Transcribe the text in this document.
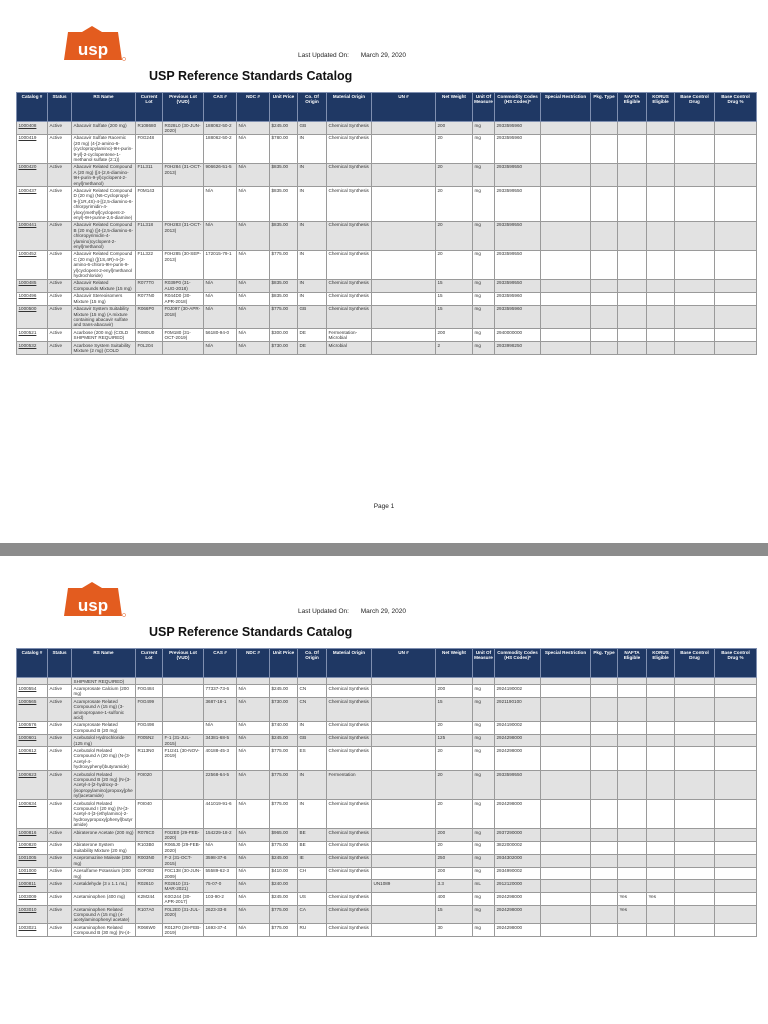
Last Updated On: March 29, 2020
USP Reference Standards Catalog
Catalog #	Status	RS Name	Current Lot	Previous Lot (VUD)	CAS #	NDC #	Unit Price	Co. Of Origin	Material Origin	UN #	Net Weight	Unit Of Measure	Commodity Codes (HS Codes)*	Special Restriction	Pkg. Type	NAFTA Eligible	KORUS Eligible	Base Control Drug	Base Control Drug %
1000408	Active	Abacavir Sulfate (200 mg)	R108680	R028L0 (30-JUN-2020)	188062-50-2	N/A	$245.00	GB	Chemical Synthesis		200	mg	2933595960						
1000419	Active	Abacavir Sulfate Racemic (20 mg) (4-[2-amino-6-(cyclopropylamino)-9H-purin-9-yl]-2-cyclopentene-1-methanol sulfate (2:1))	F0G248		188062-50-2	N/A	$780.00	IN	Chemical Synthesis		20	mg	2933595960						
1000420	Active	Abacavir Related Compound A (20 mg) ([4-(2,6-diamino-9H-purin-9-yl)cyclopent-2-enyl]methanol)	F1L311	F0H284 (31-OCT-2013)	906626-51-5	N/A	$835.00	IN	Chemical Synthesis		20	mg	2933599550						
1000437	Active	Abacavir Related Compound D (20 mg) (N6-Cyclopropyl-9-{(1R,4S)-4-[(2,5-diamino-6-chlorpyrimidin-4-yloxy)methyl]cyclopent-2-enyl}-9H-purine-2,6-diamine)	F0M143		N/A	N/A	$835.00	IN	Chemical Synthesis		20	mg	2933599550						
1000441	Active	Abacavir Related Compound B (20 mg) ([4-(2,5-diamino-6-chloropyrimidin-4-ylamino)cyclopent-2-enyl]methanol)	F1L318	F0H283 (31-OCT-2013)	N/A	N/A	$835.00	IN	Chemical Synthesis		20	mg	2933599550						
1000452	Active	Abacavir Related Compound C (20 mg) ([(1S,4R)-4-(2-amino-6-chloro-9H-purin-9-yl)cyclopent-2-enyl]methanol hydrochloride)	F1L322	F0H285 (30-SEP-2013)	172015-79-1	N/A	$775.00	IN	Chemical Synthesis		20	mg	2933599550						
1000485	Active	Abacavir Related Compounds Mixture (15 mg)	R077T0	R039P0 (31-AUG-2018)	N/A	N/A	$835.00	IN	Chemical Synthesis		15	mg	2933599550						
1000496	Active	Abacavir Stereoisomers Mixture (15 mg)	R077N0	R044D0 (30-APR-2018)	N/A	N/A	$835.00	IN	Chemical Synthesis		15	mg	2933595960						
1000500	Active	Abacavir System Suitability Mixture (15 mg) (A mixture containing abacavir sulfate and trans-abacavir)	R066P0	F0J097 (30-APR-2018)	N/A	N/A	$775.00	GB	Chemical Synthesis		15	mg	2933595960						
1000521	Active	Acarbose (200 mg) (COLD SHIPMENT REQUIRED)	R080U0	F0M180 (31-OCT-2019)	56180-94-0	N/A	$300.00	DE	Fermentation-Microbial		200	mg	2940000000						
1000532	Active	Acarbose System Suitability Mixture (2 mg) (COLD	F0L204		N/A	N/A	$730.00	DE	Microbial		2	mg	2933998250						
Page 1
Last Updated On: March 29, 2020
USP Reference Standards Catalog
Catalog #	Status	RS Name	Current Lot	Previous Lot (VUD)	CAS #	NDC #	Unit Price	Co. Of Origin	Material Origin	UN #	Net Weight	Unit Of Measure	Commodity Codes (HS Codes)*	Special Restriction	Pkg. Type	NAFTA Eligible	KORUS Eligible	Base Control Drug	Base Control Drug %
		SHIPMENT REQUIRED)																	
1000554	Active	Acamprosate Calcium (200 mg)	F0G484		77337-73-6	N/A	$245.00	CN	Chemical Synthesis		200	mg	2924190002						
1000565	Active	Acamprosate Related Compound A (15 mg) (3-aminopropane-1-sulfonic acid)	F0G499		3687-18-1	N/A	$730.00	CN	Chemical Synthesis		15	mg	2921190100						
1000576	Active	Acamprosate Related Compound B (20 mg)	F0G498		N/A	N/A	$740.00	IN	Chemical Synthesis		20	mg	2924190002						
1000601	Active	Acebutolol Hydrochloride (125 mg)	F005N2	F-1 (31-JUL-2015)	34381-68-5	N/A	$245.00	GB	Chemical Synthesis		125	mg	2924298000						
1000612	Active	Acebutolol Related Compound A (20 mg) (N-(3-Acetyl-4-hydroxyphenyl)butyramide)	R113N0	F1I241 (30-NOV-2019)	40188-45-3	N/A	$775.00	ES	Chemical Synthesis		20	mg	2924298000						
1000623	Active	Acebutolol Related Compound B (20 mg) (N-{3-Acetyl-4-[2-hydroxy-3-(isopropylamino)propoxy]phenyl}acetamide)	F0I020		22568-64-5	N/A	$775.00	IN	Fermentation		20	mg	2933599550						
1000634	Active	Acebutolol Related Compound I (20 mg) (N-{3-Acetyl-4-[3-(ethylamino)-2-hydroxypropoxy]phenyl}butyramide)	F0I040		441019-91-6	N/A	$775.00	IN	Chemical Synthesis		20	mg	2924298000						
1000816	Active	Abiraterone Acetate (200 mg)	R078C0	F0I2E0 (29-FEB-2020)	154229-18-2	N/A	$965.00	BE	Chemical Synthesis		200	mg	2937290000						
1000820	Active	Abiraterone System Suitability Mixture (20 mg)	R103B0	R065J0 (29-FEB-2020)	N/A	N/A	$775.00	BE	Chemical Synthesis		20	mg	3822000002						
1001005	Active	Acepromazine Maleate (250 mg)	R003N0	F-2 (31-OCT-2015)	3598-37-6	N/A	$245.00	IE	Chemical Synthesis		250	mg	2934302000						
1001000	Active	Acesulfame Potassium (200 mg)	G0F082	F0C138 (30-JUN-2009)	55589-62-3	N/A	$410.00	CH	Chemical Synthesis		200	mg	2934990002						
1000811	Active	Acetaldehyde (3 x 1.1 mL)	R02610	R02610 (31-MAR-2021)	75-07-0	N/A	$240.00			UN1089	3.3	mL	2912120000						
1003009	Active	Acetaminophen (400 mg)	K2M244	K0G244 (30-APR-2017)	103-90-2	N/A	$245.00	US	Chemical Synthesis		400	mg	2924298000			Yes	Yes		
1003010	Active	Acetaminophen Related Compound A (15 mg) (4-acetylaminophenyl acetate)	R107A0	F0L2E0 (31-JUL-2020)	2623-33-8	N/A	$775.00	CA	Chemical Synthesis		15	mg	2924298000			Yes			
1003021	Active	Acetaminophen Related Compound B (30 mg) (N-(4-	R066W0	R012F0 (28-FEB-2019)	1693-37-4	N/A	$775.00	RU	Chemical Synthesis		30	mg	2924298000						
